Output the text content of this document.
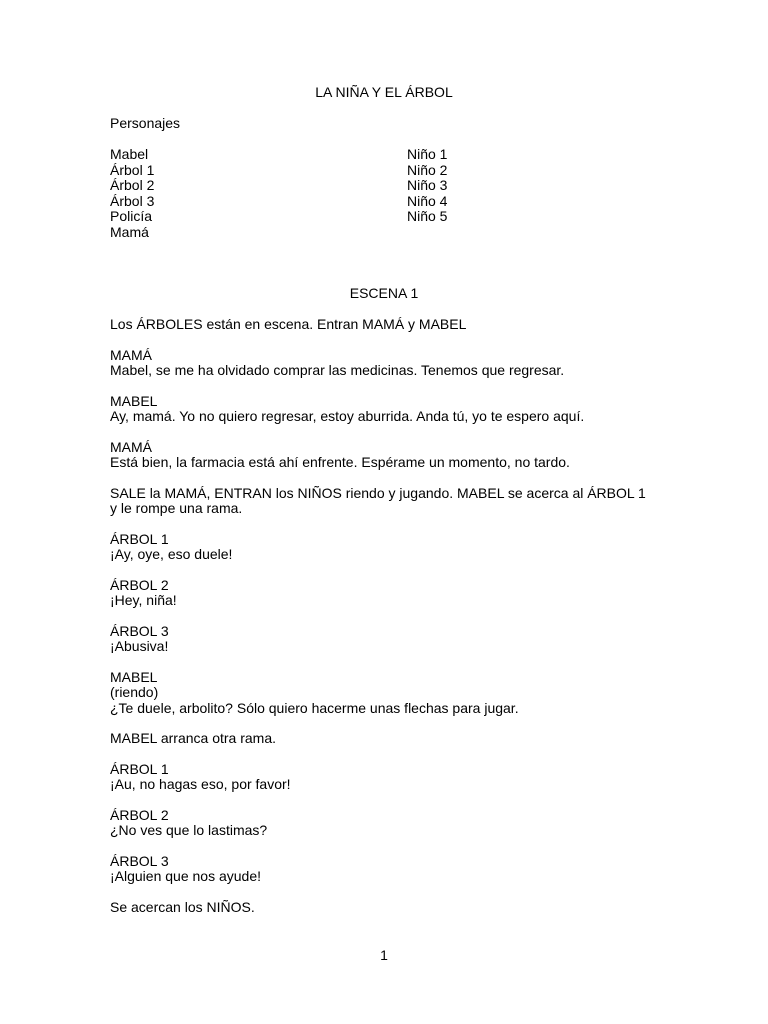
LA NIÑA Y EL ÁRBOL

Personajes

Mabel

Árbol 1

Árbol 2

Árbol 3

Policía

Mamá

Niño 1

Niño 2

Niño 3

Niño 4

Niño 5

ESCENA 1

Los ÁRBOLES están en escena. Entran MAMÁ y MABEL

MAMÁ

Mabel, se me ha olvidado comprar las medicinas. Tenemos que regresar.

MABEL

Ay, mamá. Yo no quiero regresar, estoy aburrida. Anda tú, yo te espero aquí.

MAMÁ

Está bien, la farmacia está ahí enfrente. Espérame un momento, no tardo.

SALE la MAMÁ, ENTRAN los NIÑOS riendo y jugando. MABEL se acerca al ÁRBOL 1

y le rompe una rama.

ÁRBOL 1

¡Ay, oye, eso duele!

ÁRBOL 2

¡Hey, niña!

ÁRBOL 3

¡Abusiva!

MABEL

(riendo)

¿Te duele, arbolito? Sólo quiero hacerme unas flechas para jugar.

MABEL arranca otra rama.

ÁRBOL 1

¡Au, no hagas eso, por favor!

ÁRBOL 2

¿No ves que lo lastimas?

ÁRBOL 3

¡Alguien que nos ayude!

Se acercan los NIÑOS.

1
